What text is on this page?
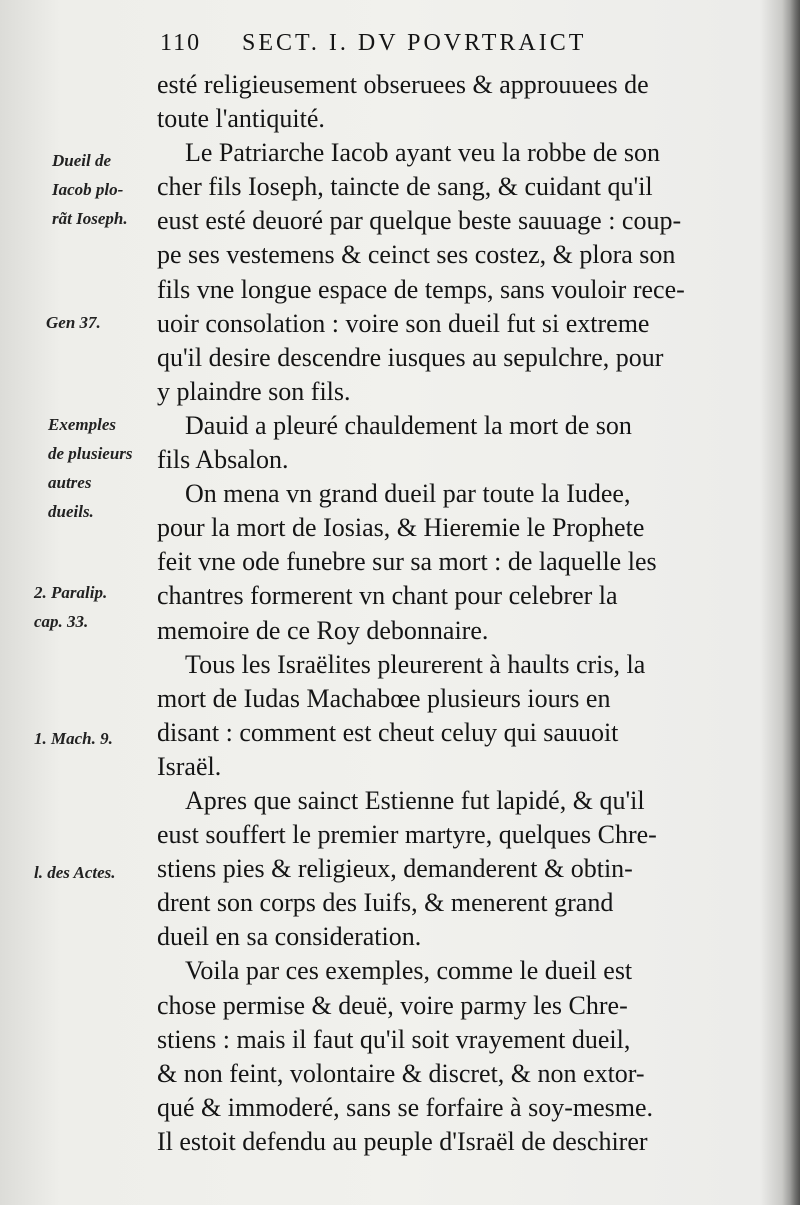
110 SECT. I. DV POVRTRAICT
Dueil de
Iacob plo-
rãt Ioseph.
Gen 37.
Exemples
de plusieurs
autres
dueils.
2. Paralip.
cap. 33.
1. Mach. 9.
l. des Actes.
esté religieusement obseruees & approuuees de
toute l'antiquité.
Le Patriarche Iacob ayant veu la robbe de son
cher fils Ioseph, taincte de sang, & cuidant qu'il
eust esté deuoré par quelque beste sauuage : coup-
pe ses vestemens & ceinct ses costez, & plora son
fils vne longue espace de temps, sans vouloir rece-
uoir consolation : voire son dueil fut si extreme
qu'il desire descendre iusques au sepulchre, pour
y plaindre son fils.
Dauid a pleuré chauldement la mort de son
fils Absalon.
On mena vn grand dueil par toute la Iudee,
pour la mort de Iosias, & Hieremie le Prophete
feit vne ode funebre sur sa mort : de laquelle les
chantres formerent vn chant pour celebrer la
memoire de ce Roy debonnaire.
Tous les Israëlites pleurerent à haults cris, la
mort de Iudas Machabœe plusieurs iours en
disant : comment est cheut celuy qui sauuoit
Israël.
Apres que sainct Estienne fut lapidé, & qu'il
eust souffert le premier martyre, quelques Chre-
stiens pies & religieux, demanderent & obtin-
drent son corps des Iuifs, & menerent grand
dueil en sa consideration.
Voila par ces exemples, comme le dueil est
chose permise & deuë, voire parmy les Chre-
stiens : mais il faut qu'il soit vrayement dueil,
& non feint, volontaire & discret, & non extor-
qué & immoderé, sans se forfaire à soy-mesme.
Il estoit defendu au peuple d'Israël de deschirer
